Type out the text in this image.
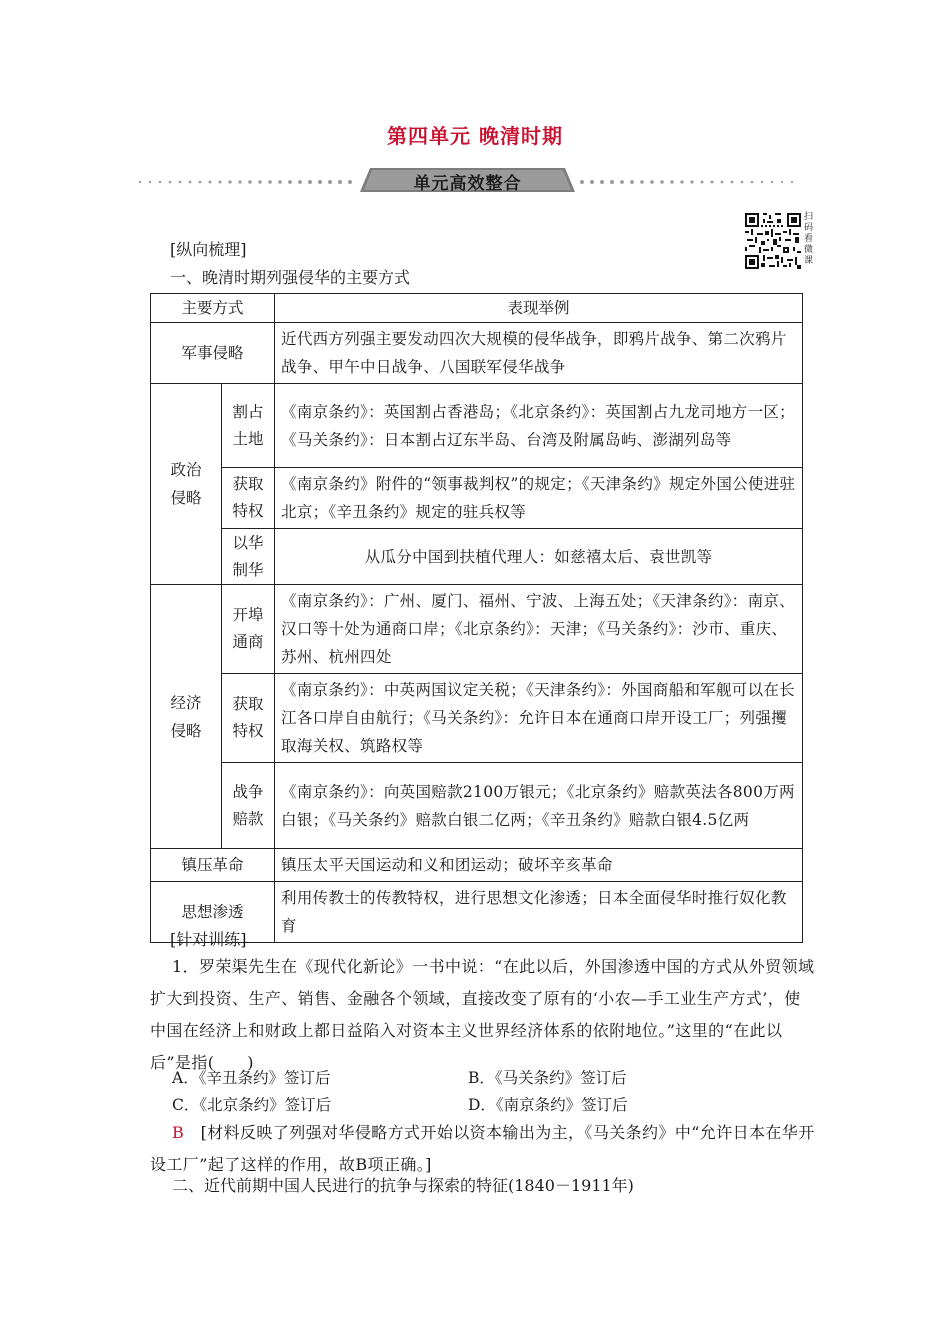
第四单元 晚清时期
单元高效整合
扫
码
看
微
课
[纵向梳理]
一、晚清时期列强侵华的主要方式
主要方式		表现举例
军事侵略		近代西方列强主要发动四次大规模的侵华战争，即鸦片战争、第二次鸦片战争、甲午中日战争、八国联军侵华战争
政治侵略	割占土地	《南京条约》：英国割占香港岛；《北京条约》：英国割占九龙司地方一区；《马关条约》：日本割占辽东半岛、台湾及附属岛屿、澎湖列岛等
	获取特权	《南京条约》附件的“领事裁判权”的规定；《天津条约》规定外国公使进驻北京；《辛丑条约》规定的驻兵权等
	以华制华	从瓜分中国到扶植代理人：如慈禧太后、袁世凯等
经济侵略	开埠通商	《南京条约》：广州、厦门、福州、宁波、上海五处；《天津条约》：南京、汉口等十处为通商口岸；《北京条约》：天津；《马关条约》：沙市、重庆、苏州、杭州四处
	获取特权	《南京条约》：中英两国议定关税；《天津条约》：外国商船和军舰可以在长江各口岸自由航行；《马关条约》：允许日本在通商口岸开设工厂；列强攫取海关权、筑路权等
	战争赔款	《南京条约》：向英国赔款2100万银元；《北京条约》赔款英法各800万两白银；《马关条约》赔款白银二亿两；《辛丑条约》赔款白银4.5亿两
镇压革命		镇压太平天国运动和义和团运动；破坏辛亥革命
思想渗透		利用传教士的传教特权，进行思想文化渗透；日本全面侵华时推行奴化教育
[针对训练]
1．罗荣渠先生在《现代化新论》一书中说：“在此以后，外国渗透中国的方式从外贸领域扩大到投资、生产、销售、金融各个领域，直接改变了原有的‘小农—手工业生产方式’，使中国在经济上和财政上都日益陷入对资本主义世界经济体系的依附地位。”这里的“在此以后”是指(　　)
A．《辛丑条约》签订后	B．《马关条约》签订后
C．《北京条约》签订后	D．《南京条约》签订后
B　[材料反映了列强对华侵略方式开始以资本输出为主，《马关条约》中“允许日本在华开设工厂”起了这样的作用，故B项正确。]
二、近代前期中国人民进行的抗争与探索的特征(1840－1911年)
